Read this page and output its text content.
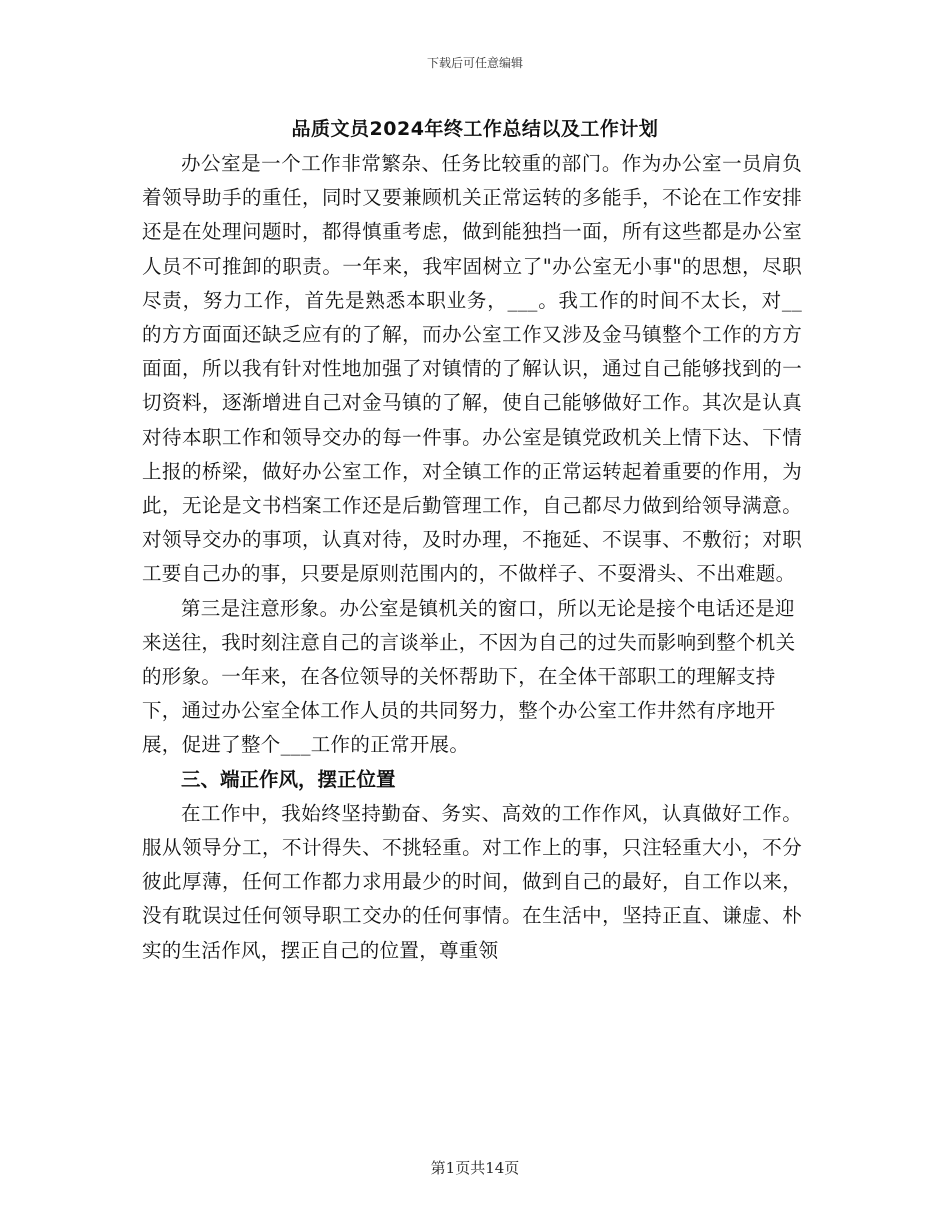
下载后可任意编辑
品质文员2024年终工作总结以及工作计划

办公室是一个工作非常繁杂、任务比较重的部门。作为办公室一员肩负着领导助手的重任，同时又要兼顾机关正常运转的多能手，不论在工作安排还是在处理问题时，都得慎重考虑，做到能独挡一面，所有这些都是办公室人员不可推卸的职责。一年来，我牢固树立了"办公室无小事"的思想，尽职尽责，努力工作，首先是熟悉本职业务，___。我工作的时间不太长，对__的方方面面还缺乏应有的了解，而办公室工作又涉及金马镇整个工作的方方面面，所以我有针对性地加强了对镇情的了解认识，通过自己能够找到的一切资料，逐渐增进自己对金马镇的了解，使自己能够做好工作。其次是认真对待本职工作和领导交办的每一件事。办公室是镇党政机关上情下达、下情上报的桥梁，做好办公室工作，对全镇工作的正常运转起着重要的作用，为此，无论是文书档案工作还是后勤管理工作，自己都尽力做到给领导满意。对领导交办的事项，认真对待，及时办理，不拖延、不误事、不敷衍；对职工要自己办的事，只要是原则范围内的，不做样子、不耍滑头、不出难题。

第三是注意形象。办公室是镇机关的窗口，所以无论是接个电话还是迎来送往，我时刻注意自己的言谈举止，不因为自己的过失而影响到整个机关的形象。一年来，在各位领导的关怀帮助下，在全体干部职工的理解支持下，通过办公室全体工作人员的共同努力，整个办公室工作井然有序地开展，促进了整个___工作的正常开展。

三、端正作风，摆正位置

在工作中，我始终坚持勤奋、务实、高效的工作作风，认真做好工作。服从领导分工，不计得失、不挑轻重。对工作上的事，只注轻重大小，不分彼此厚薄，任何工作都力求用最少的时间，做到自己的最好，自工作以来，没有耽误过任何领导职工交办的任何事情。在生活中，坚持正直、谦虚、朴实的生活作风，摆正自己的位置，尊重领

第1页共14页
